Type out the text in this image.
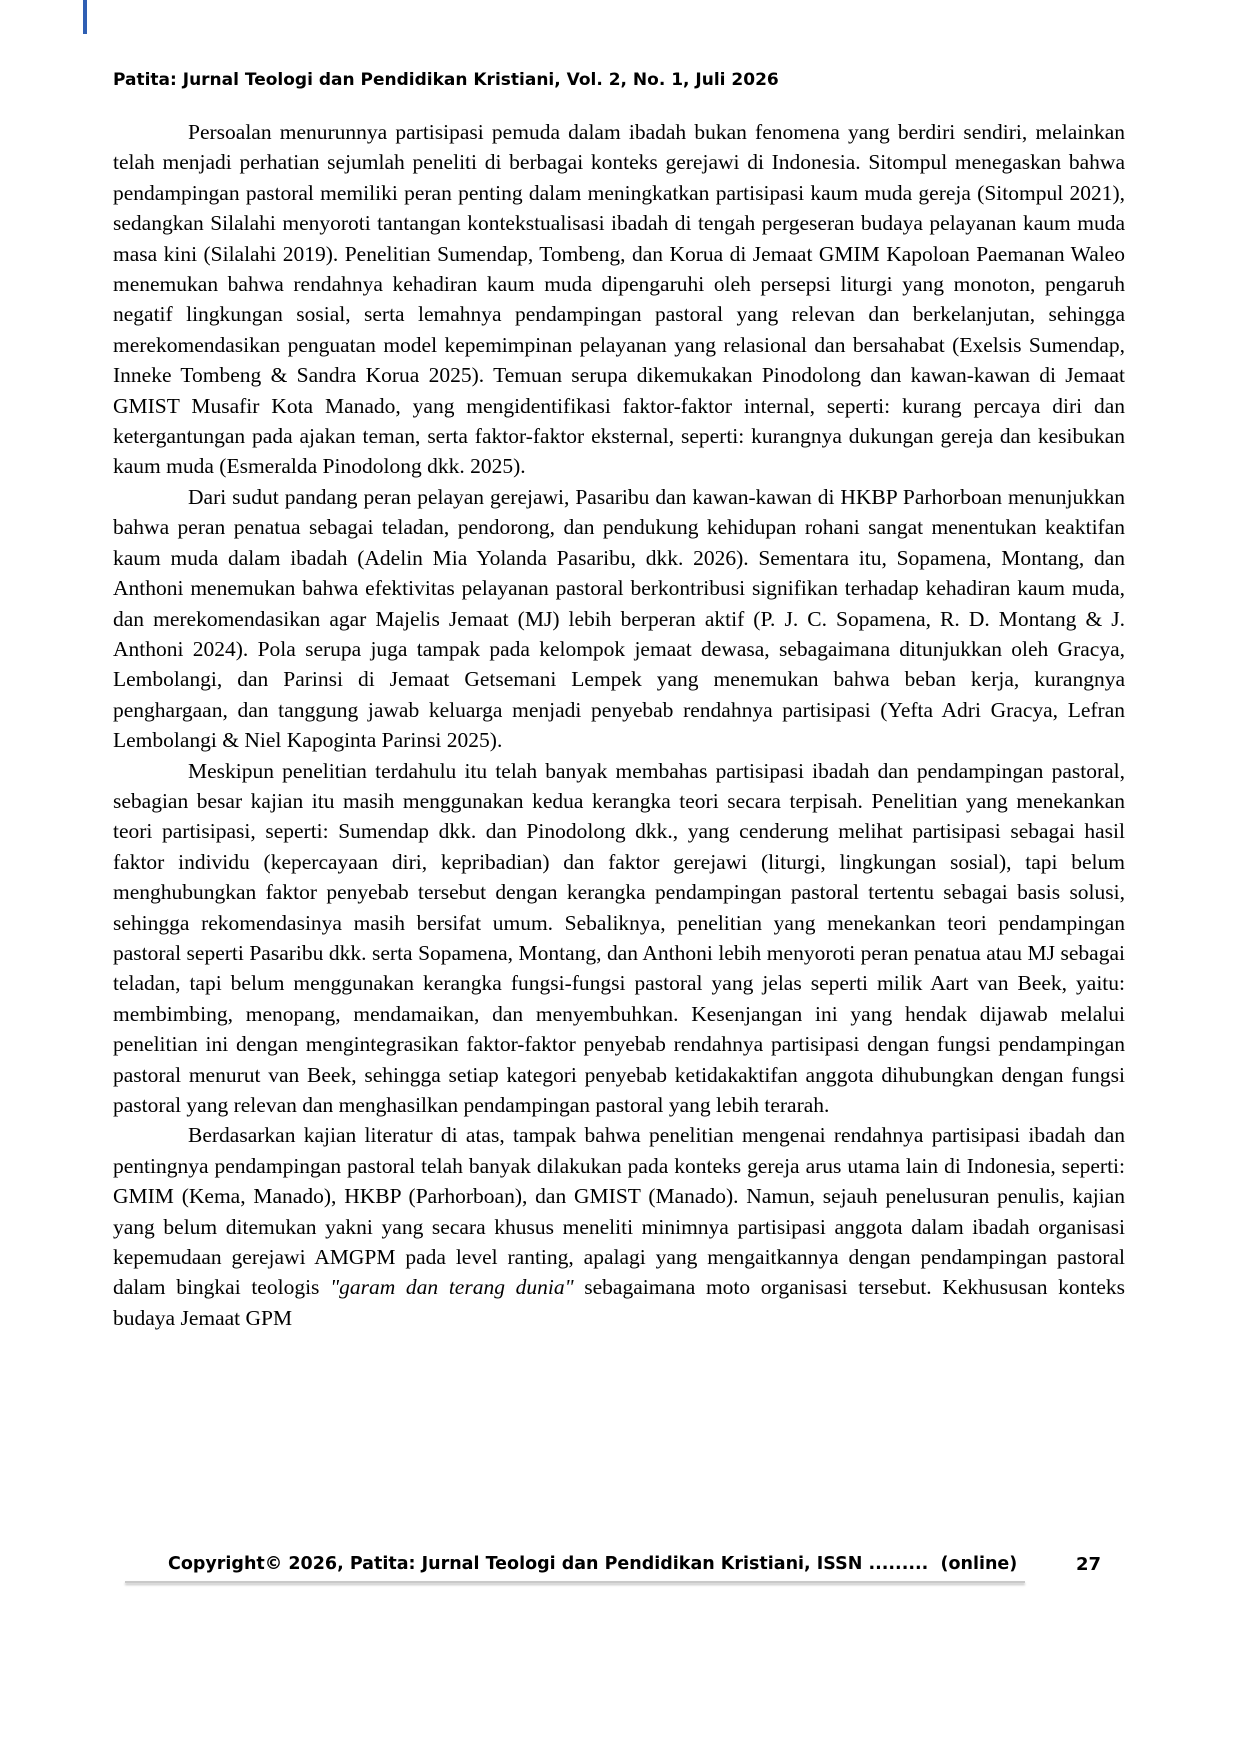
Patita: Jurnal Teologi dan Pendidikan Kristiani, Vol. 2, No. 1, Juli 2026

Persoalan menurunnya partisipasi pemuda dalam ibadah bukan fenomena yang berdiri sendiri, melainkan telah menjadi perhatian sejumlah peneliti di berbagai konteks gerejawi di Indonesia. Sitompul menegaskan bahwa pendampingan pastoral memiliki peran penting dalam meningkatkan partisipasi kaum muda gereja (Sitompul 2021), sedangkan Silalahi menyoroti tantangan kontekstualisasi ibadah di tengah pergeseran budaya pelayanan kaum muda masa kini (Silalahi 2019). Penelitian Sumendap, Tombeng, dan Korua di Jemaat GMIM Kapoloan Paemanan Waleo menemukan bahwa rendahnya kehadiran kaum muda dipengaruhi oleh persepsi liturgi yang monoton, pengaruh negatif lingkungan sosial, serta lemahnya pendampingan pastoral yang relevan dan berkelanjutan, sehingga merekomendasikan penguatan model kepemimpinan pelayanan yang relasional dan bersahabat (Exelsis Sumendap, Inneke Tombeng & Sandra Korua 2025). Temuan serupa dikemukakan Pinodolong dan kawan-kawan di Jemaat GMIST Musafir Kota Manado, yang mengidentifikasi faktor-faktor internal, seperti: kurang percaya diri dan ketergantungan pada ajakan teman, serta faktor-faktor eksternal, seperti: kurangnya dukungan gereja dan kesibukan kaum muda (Esmeralda Pinodolong dkk. 2025).

Dari sudut pandang peran pelayan gerejawi, Pasaribu dan kawan-kawan di HKBP Parhorboan menunjukkan bahwa peran penatua sebagai teladan, pendorong, dan pendukung kehidupan rohani sangat menentukan keaktifan kaum muda dalam ibadah (Adelin Mia Yolanda Pasaribu, dkk. 2026). Sementara itu, Sopamena, Montang, dan Anthoni menemukan bahwa efektivitas pelayanan pastoral berkontribusi signifikan terhadap kehadiran kaum muda, dan merekomendasikan agar Majelis Jemaat (MJ) lebih berperan aktif (P. J. C. Sopamena, R. D. Montang & J. Anthoni 2024). Pola serupa juga tampak pada kelompok jemaat dewasa, sebagaimana ditunjukkan oleh Gracya, Lembolangi, dan Parinsi di Jemaat Getsemani Lempek yang menemukan bahwa beban kerja, kurangnya penghargaan, dan tanggung jawab keluarga menjadi penyebab rendahnya partisipasi (Yefta Adri Gracya, Lefran Lembolangi & Niel Kapoginta Parinsi 2025).

Meskipun penelitian terdahulu itu telah banyak membahas partisipasi ibadah dan pendampingan pastoral, sebagian besar kajian itu masih menggunakan kedua kerangka teori secara terpisah. Penelitian yang menekankan teori partisipasi, seperti: Sumendap dkk. dan Pinodolong dkk., yang cenderung melihat partisipasi sebagai hasil faktor individu (kepercayaan diri, kepribadian) dan faktor gerejawi (liturgi, lingkungan sosial), tapi belum menghubungkan faktor penyebab tersebut dengan kerangka pendampingan pastoral tertentu sebagai basis solusi, sehingga rekomendasinya masih bersifat umum. Sebaliknya, penelitian yang menekankan teori pendampingan pastoral seperti Pasaribu dkk. serta Sopamena, Montang, dan Anthoni lebih menyoroti peran penatua atau MJ sebagai teladan, tapi belum menggunakan kerangka fungsi-fungsi pastoral yang jelas seperti milik Aart van Beek, yaitu: membimbing, menopang, mendamaikan, dan menyembuhkan. Kesenjangan ini yang hendak dijawab melalui penelitian ini dengan mengintegrasikan faktor-faktor penyebab rendahnya partisipasi dengan fungsi pendampingan pastoral menurut van Beek, sehingga setiap kategori penyebab ketidakaktifan anggota dihubungkan dengan fungsi pastoral yang relevan dan menghasilkan pendampingan pastoral yang lebih terarah.

Berdasarkan kajian literatur di atas, tampak bahwa penelitian mengenai rendahnya partisipasi ibadah dan pentingnya pendampingan pastoral telah banyak dilakukan pada konteks gereja arus utama lain di Indonesia, seperti: GMIM (Kema, Manado), HKBP (Parhorboan), dan GMIST (Manado). Namun, sejauh penelusuran penulis, kajian yang belum ditemukan yakni yang secara khusus meneliti minimnya partisipasi anggota dalam ibadah organisasi kepemudaan gerejawi AMGPM pada level ranting, apalagi yang mengaitkannya dengan pendampingan pastoral dalam bingkai teologis "garam dan terang dunia" sebagaimana moto organisasi tersebut. Kekhususan konteks budaya Jemaat GPM

Copyright© 2026, Patita: Jurnal Teologi dan Pendidikan Kristiani, ISSN .........  (online)	27
